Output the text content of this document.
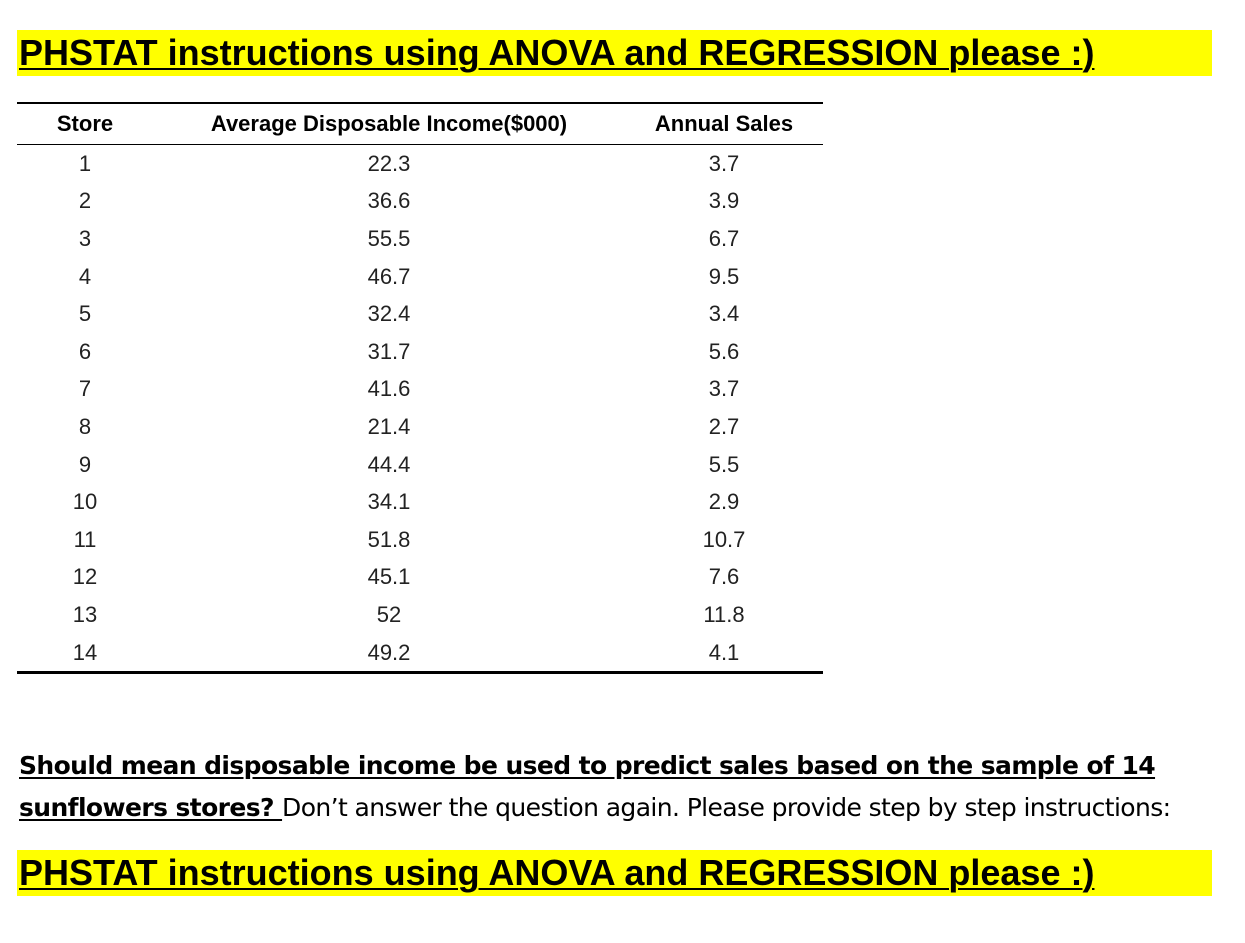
PHSTAT instructions using ANOVA and REGRESSION please :)
Store	Average Disposable Income($000)	Annual Sales
1	22.3	3.7
2	36.6	3.9
3	55.5	6.7
4	46.7	9.5
5	32.4	3.4
6	31.7	5.6
7	41.6	3.7
8	21.4	2.7
9	44.4	5.5
10	34.1	2.9
11	51.8	10.7
12	45.1	7.6
13	52	11.8
14	49.2	4.1
Should mean disposable income be used to predict sales based on the sample of 14
sunflowers stores? Don’t answer the question again. Please provide step by step instructions:
PHSTAT instructions using ANOVA and REGRESSION please :)
